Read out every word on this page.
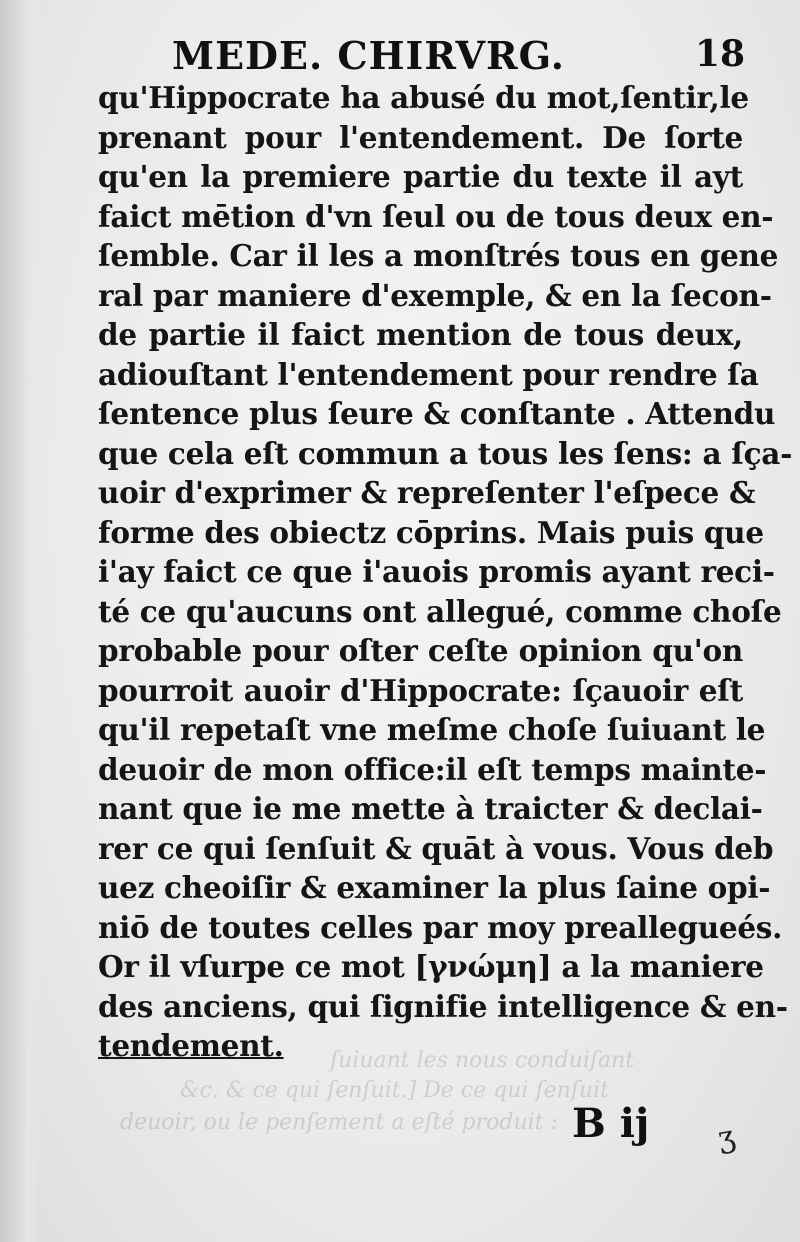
ſuiuant les nous conduiſant
&c. & ce qui ſenſuit.] De ce qui ſenſuit
deuoir, ou le penſement a eſté produit :
MEDE. CHIRVRG.	18
qu'Hippocrate ha abusé du mot,ſentir,le
prenant pour l'entendement. De ſorte
qu'en la premiere partie du texte il ayt
faict mētion d'vn ſeul ou de tous deux en-
ſemble. Car il les a monſtrés tous en gene
ral par maniere d'exemple, & en la ſecon-
de partie il faict mention de tous deux,
adiouſtant l'entendement pour rendre ſa
ſentence plus ſeure & conſtante . Attendu
que cela eſt commun a tous les ſens: a ſça-
uoir d'exprimer & repreſenter l'eſpece &
forme des obiectz cōprins. Mais puis que
i'ay faict ce que i'auois promis ayant reci-
té ce qu'aucuns ont allegué, comme choſe
probable pour oſter ceſte opinion qu'on
pourroit auoir d'Hippocrate: ſçauoir eſt
qu'il repetaſt vne meſme choſe ſuiuant le
deuoir de mon office:il eſt temps mainte-
nant que ie me mette à traicter & declai-
rer ce qui ſenſuit & quāt à vous. Vous deb
uez cheoiſir & examiner la plus ſaine opi-
niō de toutes celles par moy preallegueés.
Or il vſurpe ce mot [γνώμη] a la maniere
des anciens, qui ſignifie intelligence & en-
tendement.
B ij ʒ
